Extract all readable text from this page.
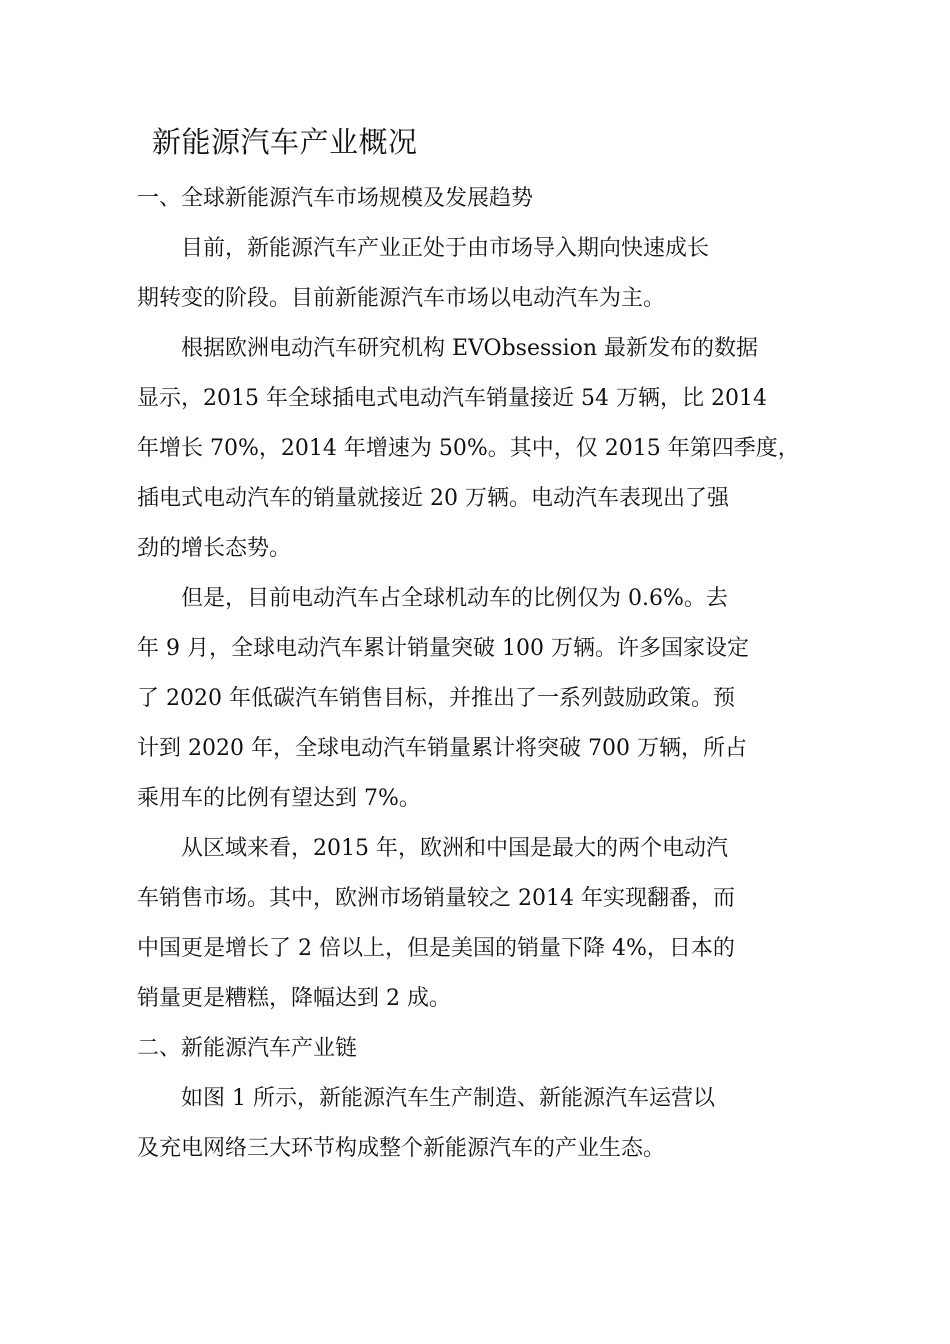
新能源汽车产业概况
一、全球新能源汽车市场规模及发展趋势

目前，新能源汽车产业正处于由市场导入期向快速成长
期转变的阶段。目前新能源汽车市场以电动汽车为主。

根据欧洲电动汽车研究机构 EVObsession 最新发布的数据
显示，2015 年全球插电式电动汽车销量接近 54 万辆，比 2014
年增长 70%，2014 年增速为 50%。其中，仅 2015 年第四季度，
插电式电动汽车的销量就接近 20 万辆。电动汽车表现出了强
劲的增长态势。

但是，目前电动汽车占全球机动车的比例仅为 0.6%。去
年 9 月，全球电动汽车累计销量突破 100 万辆。许多国家设定
了 2020 年低碳汽车销售目标，并推出了一系列鼓励政策。预
计到 2020 年，全球电动汽车销量累计将突破 700 万辆，所占
乘用车的比例有望达到 7%。

从区域来看，2015 年，欧洲和中国是最大的两个电动汽
车销售市场。其中，欧洲市场销量较之 2014 年实现翻番，而
中国更是增长了 2 倍以上，但是美国的销量下降 4%，日本的
销量更是糟糕，降幅达到 2 成。

二、新能源汽车产业链

如图 1 所示，新能源汽车生产制造、新能源汽车运营以
及充电网络三大环节构成整个新能源汽车的产业生态。
